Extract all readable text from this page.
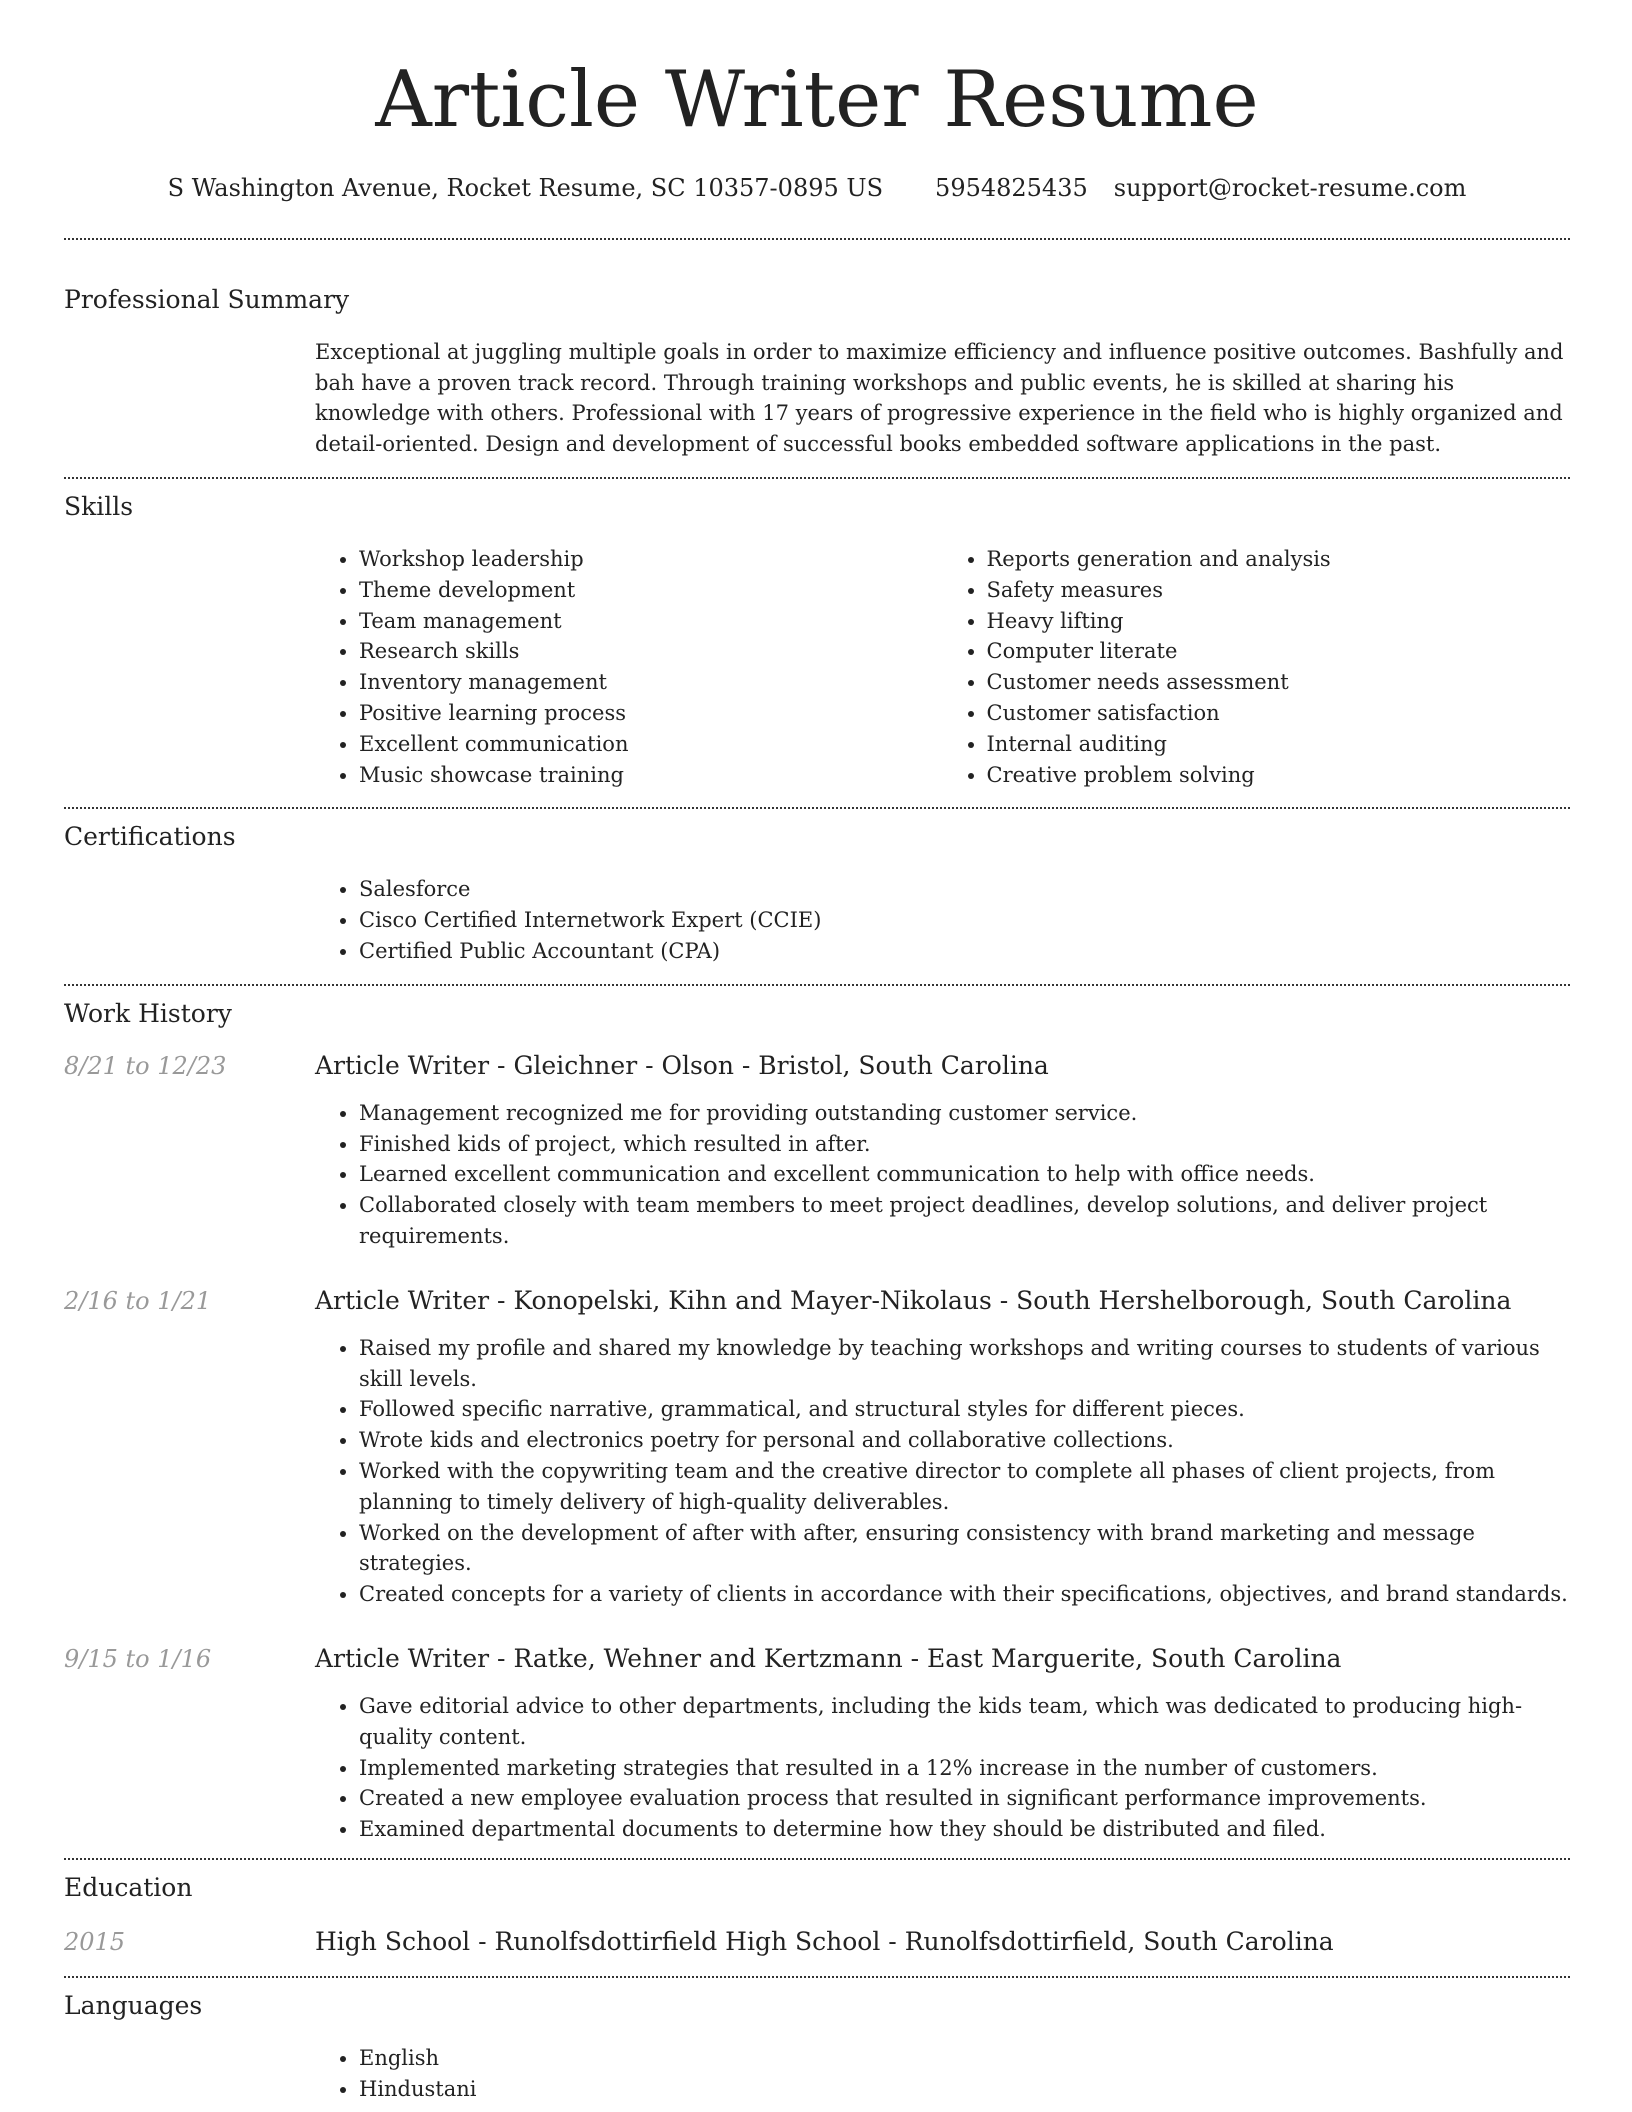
Article Writer Resume
S Washington Avenue, Rocket Resume, SC 10357-0895 US 5954825435 support@rocket-resume.com
Professional Summary
Exceptional at juggling multiple goals in order to maximize efficiency and influence positive outcomes. Bashfully and bah have a proven track record. Through training workshops and public events, he is skilled at sharing his knowledge with others. Professional with 17 years of progressive experience in the field who is highly organized and detail-oriented. Design and development of successful books embedded software applications in the past.
Skills
• Workshop leadership
• Theme development
• Team management
• Research skills
• Inventory management
• Positive learning process
• Excellent communication
• Music showcase training
• Reports generation and analysis
• Safety measures
• Heavy lifting
• Computer literate
• Customer needs assessment
• Customer satisfaction
• Internal auditing
• Creative problem solving
Certifications
• Salesforce
• Cisco Certified Internetwork Expert (CCIE)
• Certified Public Accountant (CPA)
Work History
8/21 to 12/23	Article Writer - Gleichner - Olson - Bristol, South Carolina
• Management recognized me for providing outstanding customer service.
• Finished kids of project, which resulted in after.
• Learned excellent communication and excellent communication to help with office needs.
• Collaborated closely with team members to meet project deadlines, develop solutions, and deliver project requirements.
2/16 to 1/21	Article Writer - Konopelski, Kihn and Mayer-Nikolaus - South Hershelborough, South Carolina
• Raised my profile and shared my knowledge by teaching workshops and writing courses to students of various skill levels.
• Followed specific narrative, grammatical, and structural styles for different pieces.
• Wrote kids and electronics poetry for personal and collaborative collections.
• Worked with the copywriting team and the creative director to complete all phases of client projects, from planning to timely delivery of high-quality deliverables.
• Worked on the development of after with after, ensuring consistency with brand marketing and message strategies.
• Created concepts for a variety of clients in accordance with their specifications, objectives, and brand standards.
9/15 to 1/16	Article Writer - Ratke, Wehner and Kertzmann - East Marguerite, South Carolina
• Gave editorial advice to other departments, including the kids team, which was dedicated to producing high-quality content.
• Implemented marketing strategies that resulted in a 12% increase in the number of customers.
• Created a new employee evaluation process that resulted in significant performance improvements.
• Examined departmental documents to determine how they should be distributed and filed.
Education
2015	High School - Runolfsdottirfield High School - Runolfsdottirfield, South Carolina
Languages
• English
• Hindustani
